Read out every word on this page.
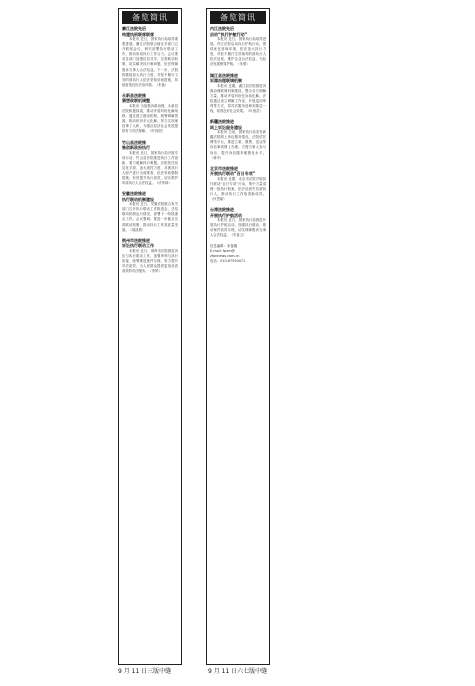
备览简讯
廉江法院先后
构建执刑联席联席
本报讯 近日，国家执行局取得重要进展。廉江法院联合辖区多部门召开联席会议，研究部署执行联动工作，推动形成执行工作合力。会议要求各部门加强信息共享，完善联动机制，切实解决执行难问题，依法保障胜诉当事人合法权益。下一步，法院将继续加大执行力度，对拒不履行义务的被执行人依法采取惩戒措施，持续营造良好法治环境。（朱备）
永新县法院推
猜想政联机调整
本报讯 为加强诉源治理，永新县法院积极探索，推动矛盾纠纷化解前移。通过建立联动机制，统筹调解资源，推动纠纷多元化解，努力实现案结事了人和，为辖区经济社会发展提供有力司法保障。（叶伟国）
竹山县法院推
惟创新政府执行
本报讯 近日，国家执行局开展专项行动，竹山县法院推进执行工作创新，着力破解执行难题。法院依托信息化手段，加大查控力度，对被执行人财产进行全面排查，依法采取强制措施，有效提升执行质效，切实维护申请执行人合法权益。（伏孝林）
安徽法院推进
执行联动机制建设
本报讯 近日，安徽法院联合有关部门召开执行联动工作推进会，总结联动机制运行情况，部署下一阶段重点工作。会议强调，要进一步健全完善联动机制，推动执行工作高质量发展。（周清晨）
荆州市法院推进
诉讼执行联动工作
本报讯 近日，荆州市法院推进诉讼与执行联动工作，加强审判与执行衔接，统筹推进案件办理，努力提升司法质效，为人民群众提供更加优质高效的司法服务。（李梦）
备览简讯
内江法院先后
启动“执行护航行动”
本报讯 近日，国家执行局取得进展。内江法院启动执行护航行动，围绕优化营商环境，依法加大执行力度，对拒不履行生效裁判的被执行人依法惩戒，维护企业合法权益，为经济发展保驾护航。（朱维）
湖江县法院推进
诉源治理联调机制
本报讯 近期，湖江县法院推进诉源治理联调机制建设，整合各方调解力量，推动矛盾纠纷在诉前化解。法院通过设立调解工作室、开展巡回审判等方式，将司法服务延伸到基层一线，取得良好社会效果。（叶备武）
新疆法院推进
网上诉讼服务建设
本报讯 日前，国家执行局发布新疆法院网上诉讼服务情况。法院依托网络平台，推进立案、缴费、送达等诉讼事项网上办理，方便当事人参与诉讼，提升诉讼服务便捷化水平。（林中）
北京市法院推进
开展执行联动“百日专项”
本报讯 近期，北京市法院开展执行联动“百日专项”行动，集中力量清理一批执行积案，依法惩戒失信被执行人，推动执行工作取得新成效。（伏恩斌）
台湾法院推进
开展执行护航活动
本报讯 近日，国家执行局推进开展执行护航活动，加强执行联动，推动案件高效办理，切实保障胜诉当事人合法权益。（朱备卫）
信息编辑：宋备鑫
E-mail: fpxm@
zfpnnews.com.cn
电话：010-67550471
9 月 11 日三版中缝	9 月 11 日六七版中缝
